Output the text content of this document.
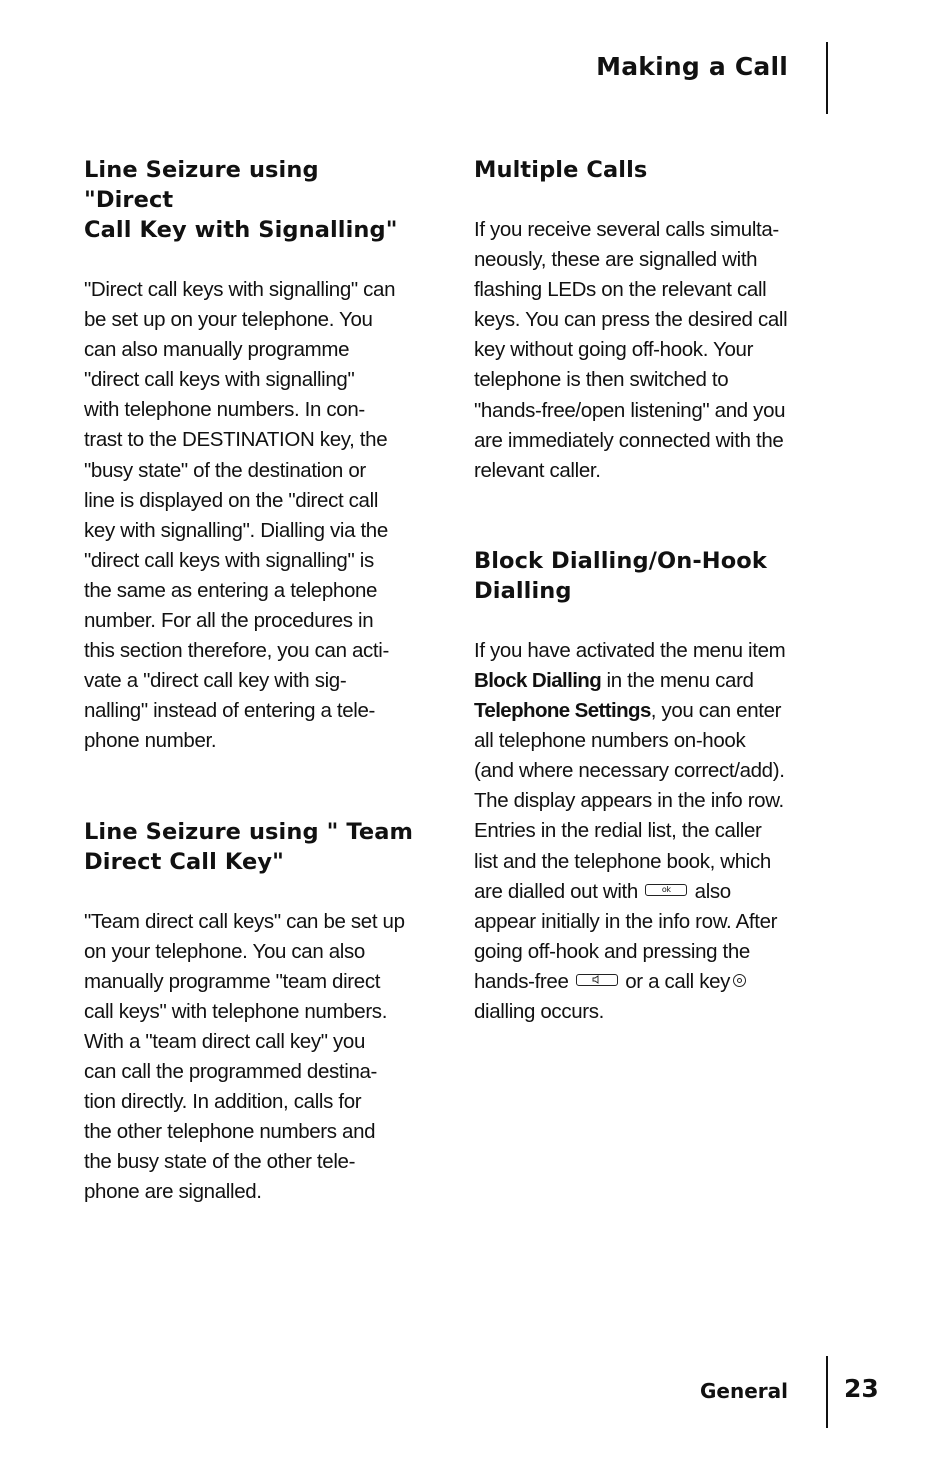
Making a Call
Line Seizure using "Direct
Call Key with Signalling"

"Direct call keys with signalling" can
be set up on your telephone. You
can also manually programme
"direct call keys with signalling"
with telephone numbers. In con-
trast to the DESTINATION key, the
"busy state" of the destination or
line is displayed on the "direct call
key with signalling". Dialling via the
"direct call keys with signalling" is
the same as entering a telephone
number. For all the procedures in
this section therefore, you can acti-
vate a "direct call key with sig-
nalling" instead of entering a tele-
phone number.

Line Seizure using " Team
Direct Call Key"

"Team direct call keys" can be set up
on your telephone. You can also
manually programme "team direct
call keys" with telephone numbers.
With a "team direct call key" you
can call the programmed destina-
tion directly. In addition, calls for
the other telephone numbers and
the busy state of the other tele-
phone are signalled.

Multiple Calls

If you receive several calls simulta-
neously, these are signalled with
flashing LEDs on the relevant call
keys. You can press the desired call
key without going off-hook. Your
telephone is then switched to
"hands-free/open listening" and you
are immediately connected with the
relevant caller.

Block Dialling/On-Hook
Dialling

If you have activated the menu item
Block Dialling in the menu card
Telephone Settings, you can enter
all telephone numbers on-hook
(and where necessary correct/add).
The display appears in the info row.
Entries in the redial list, the caller
list and the telephone book, which
are dialled out with	ok also
appear initially in the info row. After
going off-hook and pressing the
hands-free	or a call key
dialling occurs.

General 23
